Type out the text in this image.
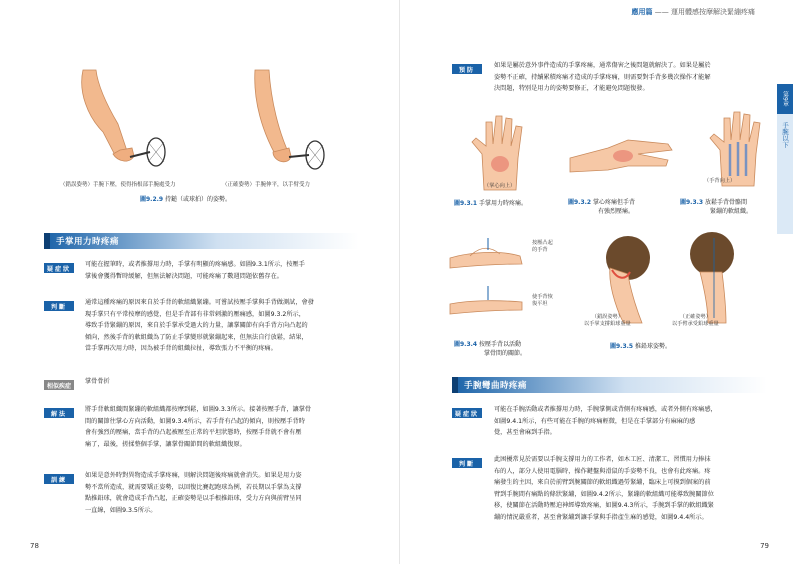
（錯誤姿勢）手腕下壓，使得指根部手腕處受力	（正確姿勢）手腕伸平，以手臂受力
圖9.2.9 持鎚（或球拍）的姿勢。
手掌用力時疼痛
疑症狀
可能在握筆時，或者推撐用力時，手掌有明顯的疼痛感。如圖9.3.1所示，按壓手
掌後會獲得暫時緩解，但無法解決問題，可能疼痛了數週問題依舊存在。
判斷
通常這種疼痛的原因來自於手背的軟組織緊繃。可嘗試按壓手掌與手背做測試，會發
現手掌只有平常按摩的感覺，但是手背部有非常刺激的壓痛感，如圖9.3.2所示，
導致手背緊繃的原因，來自於手掌承受過大的力量，讓掌關節有向手背方向凸起的
傾向，然後手背的軟組織為了防止手掌變形就緊繃起來，但無法自行放鬆，結果，
當手掌再次用力時，因為被手背的組織拉扯，導致張力不平衡的疼痛。
相似疾症
掌骨骨折
解法
將手背軟組織間緊繃的軟組織都按摩到鬆，如圖9.3.3所示。接著按壓手背，讓掌骨
間的關節往掌心方向活動，如圖9.3.4所示，若手背有凸起的傾向，則按壓手背時
會有強烈的壓痛，當手背的凸起被壓至正常的平坦狀態時，按壓手背就不會有壓
痛了，最後，搓揉整個手掌，讓掌骨關節間的軟組織復原。
訓練
如果是意外時對異物造成手掌疼痛，則解決問題後疼痛就會消失。如果是用力姿
勢不當所造成，就需要矯正姿勢，以回復比賽起跑球為例，若長期以手掌為支撐
點推鉛球，就會造成手背凸起，正確姿勢是以手根推鉛球，受力方向與前臂呈同
一直線，如圖9.3.5所示。
78
應用篇 —— 運用體感按摩解決緊繃疼痛
預防
如果是屬於意外事件造成的手掌疼痛，通常傷害之後問題就解決了。如果是屬於
姿勢不正確，持續累積疼痛才造成的手掌疼痛，則需要對手背多幾次操作才能解
決問題，特別是用力的姿勢要修正，才能避免問題復發。
（掌心向上）
（手背向上）
圖9.3.1 手掌用力時疼痛。	圖9.3.2 掌心疼痛但手背
有強烈壓痛。
圖9.3.3 放鬆手背骨骼間
緊繃的軟組織。
按壓凸起
的手背
使手背恢
復平坦
（錯誤姿勢）
以手掌支撐鉛球重量
（正確姿勢）
以手臂承受鉛球重量
圖9.3.4 按壓手背以活動
掌骨間的關節。
圖9.3.5 推鉛球姿勢。
手腕彎曲時疼痛
疑症狀
可能在手腕活動或者推撐用力時，手腕掌側或背側有疼痛感，或者外側有疼痛感，
如圖9.4.1所示，有些可能在手腕的疼痛輕微，但是在手掌部分有麻麻的感
覺，甚至會麻到手指。
判斷
此困擾常見於需要以手腕支撐用力的工作者，如木工匠、清潔工、習慣用力捧抹
布的人，部分人使用電腦時，操作鍵盤與滑鼠的手姿勢不良，也會有此疼痛。疼
痛發生的主因，來自於前臂到腕關節的軟組織過勞緊繃，臨床上可摸到個案的前
臂到手腕間有痛點的條狀緊繃，如圖9.4.2所示，緊繃的軟組織可能導致腕關節位
移，使關節在活動時壓迫神經導致疼痛，如圖9.4.3所示，手腕到手掌的軟組織緊
繃的情況嚴重者，甚至會緊繃到讓手掌與手指產生麻的感覺，如圖9.4.4所示。
79
第9章
手腕以下
